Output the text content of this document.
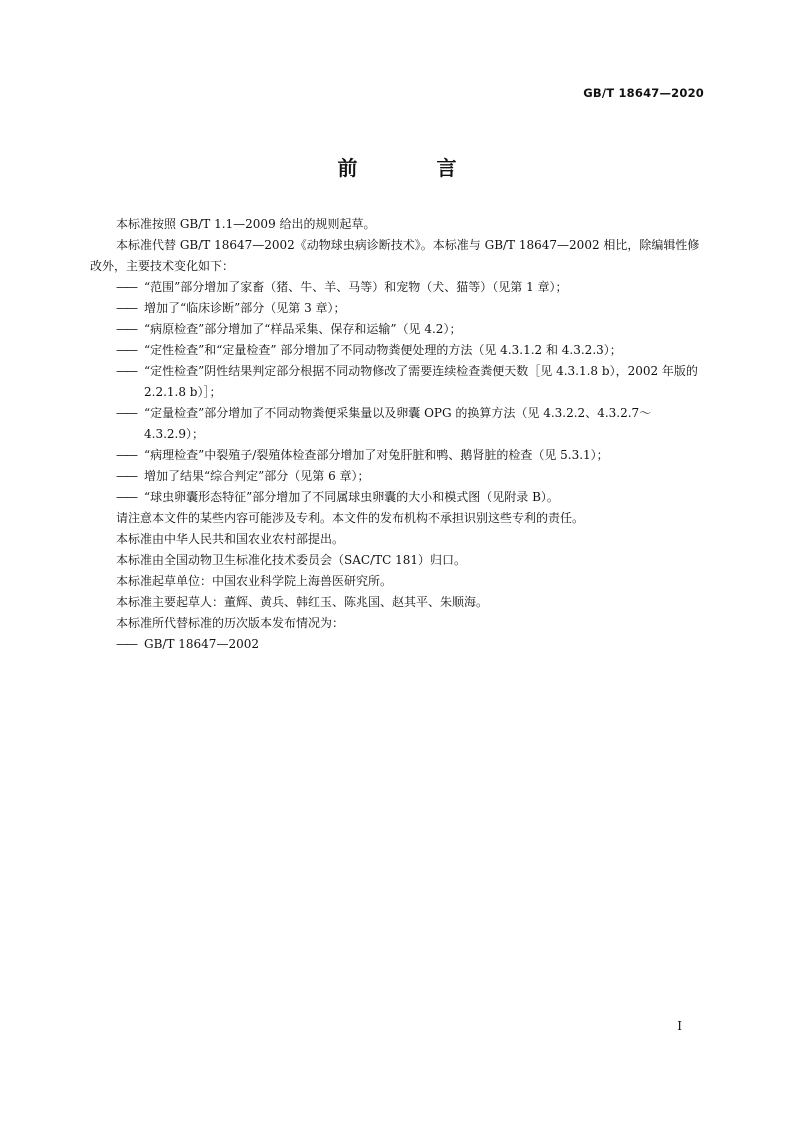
GB/T 18647—2020
前 言

本标准按照 GB/T 1.1—2009 给出的规则起草。

本标准代替 GB/T 18647—2002《动物球虫病诊断技术》。本标准与 GB/T 18647—2002 相比，除编辑性修改外，主要技术变化如下：

—— “范围”部分增加了家畜（猪、牛、羊、马等）和宠物（犬、猫等）（见第 1 章）；
—— 增加了“临床诊断”部分（见第 3 章）；
—— “病原检查”部分增加了“样品采集、保存和运输”（见 4.2）；
—— “定性检查”和“定量检查” 部分增加了不同动物粪便处理的方法（见 4.3.1.2 和 4.3.2.3）；
—— “定性检查”阴性结果判定部分根据不同动物修改了需要连续检查粪便天数［见 4.3.1.8 b），2002 年版的 2.2.1.8 b）］；
—— “定量检查”部分增加了不同动物粪便采集量以及卵囊 OPG 的换算方法（见 4.3.2.2、4.3.2.7～4.3.2.9）；
—— “病理检查”中裂殖子/裂殖体检查部分增加了对兔肝脏和鸭、鹅肾脏的检查（见 5.3.1）；
—— 增加了结果“综合判定”部分（见第 6 章）；
—— “球虫卵囊形态特征”部分增加了不同属球虫卵囊的大小和模式图（见附录 B）。

请注意本文件的某些内容可能涉及专利。本文件的发布机构不承担识别这些专利的责任。

本标准由中华人民共和国农业农村部提出。

本标准由全国动物卫生标准化技术委员会（SAC/TC 181）归口。

本标准起草单位：中国农业科学院上海兽医研究所。

本标准主要起草人：董辉、黄兵、韩红玉、陈兆国、赵其平、朱顺海。

本标准所代替标准的历次版本发布情况为：

—— GB/T 18647—2002
I
